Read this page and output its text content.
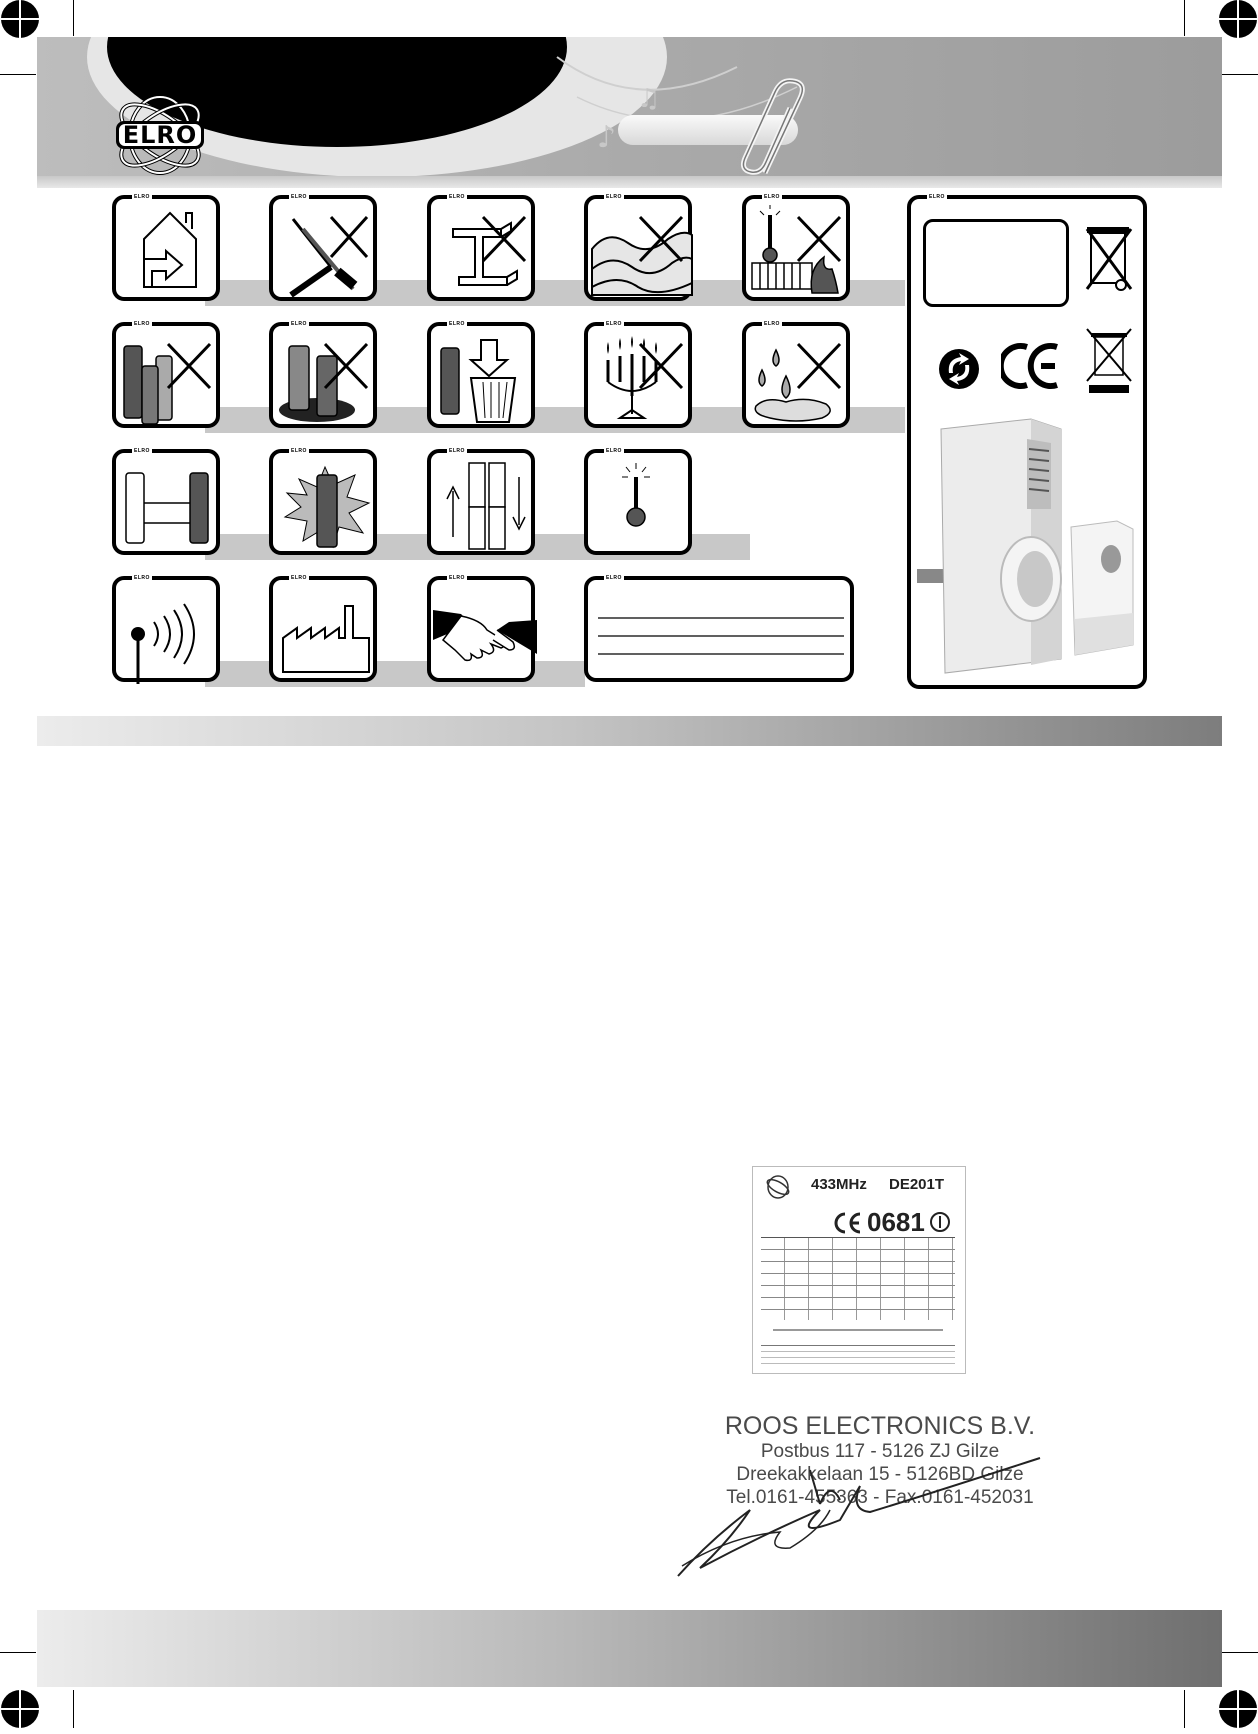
♪
♫
ELRO
ELRO	ELRO	ELRO	ELRO	ELRO
ELRO	ELRO	ELRO	ELRO	ELRO
ELRO	ELRO	ELRO	ELRO
ELRO	ELRO	ELRO	ELRO
ELRO
433MHz DE201T
0681
ROOS ELECTRONICS B.V.
Postbus 117 - 5126 ZJ Gilze
Dreekakkelaan 15 - 5126BD Gilze
Tel.0161-455363 - Fax.0161-452031
